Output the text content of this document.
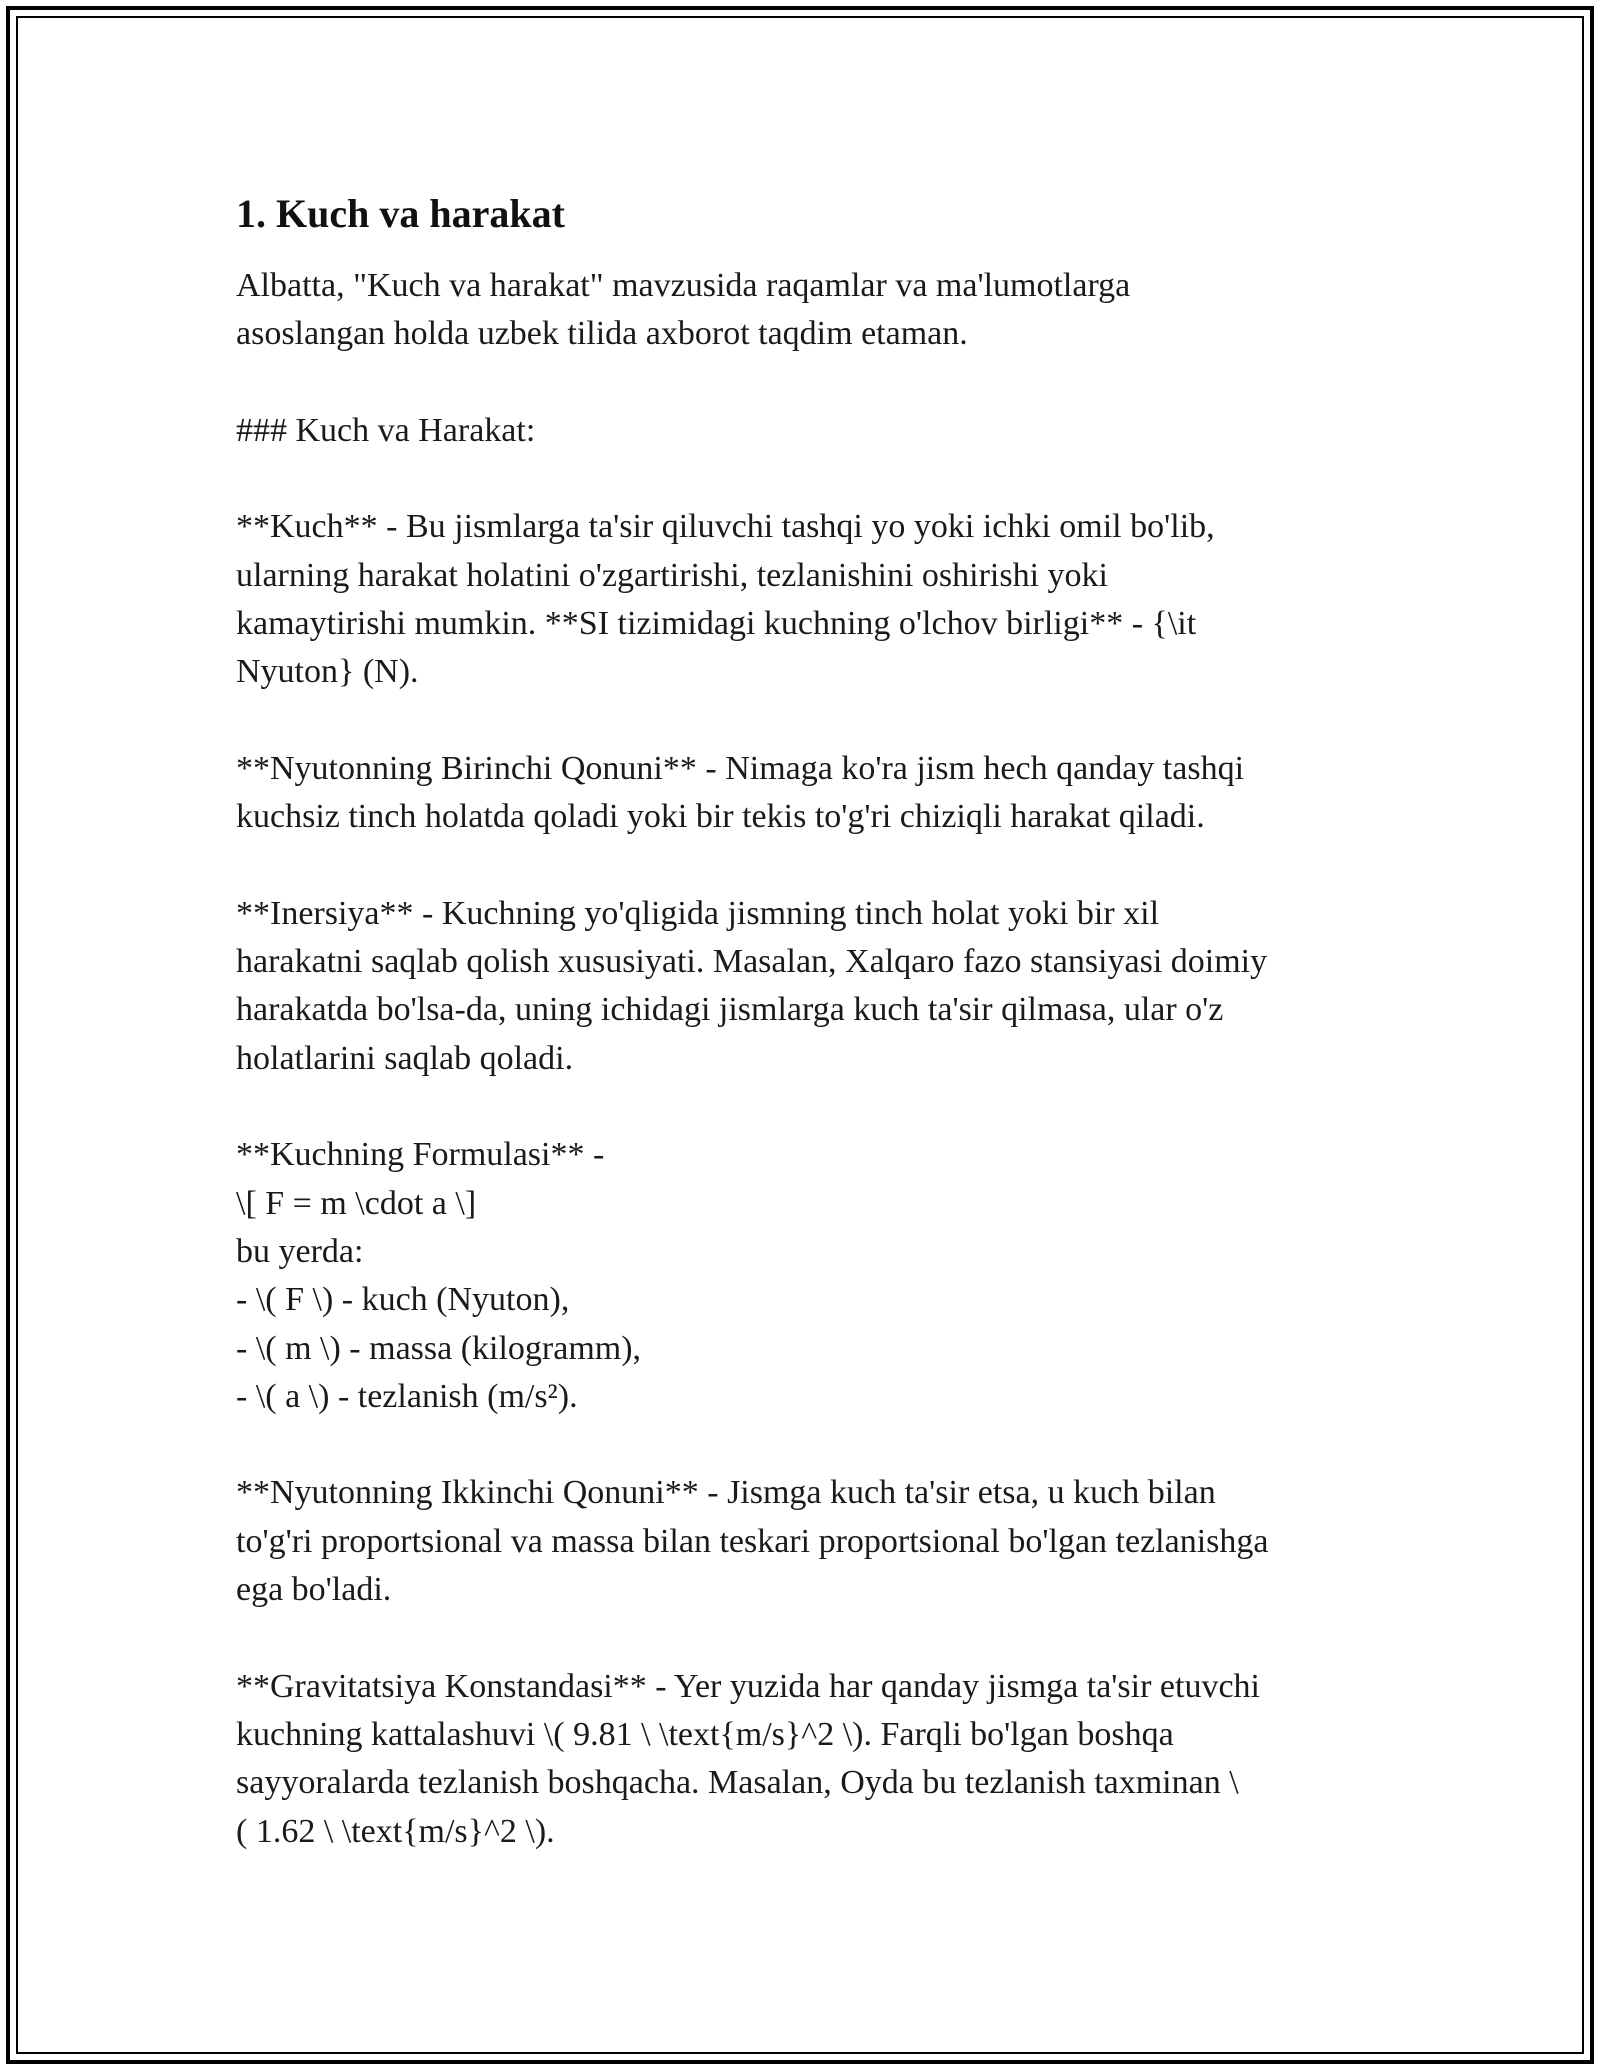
1. Kuch va harakat

Albatta, "Kuch va harakat" mavzusida raqamlar va ma'lumotlarga
asoslangan holda uzbek tilida axborot taqdim etaman.

### Kuch va Harakat:

**Kuch** - Bu jismlarga ta'sir qiluvchi tashqi yo yoki ichki omil bo'lib,
ularning harakat holatini o'zgartirishi, tezlanishini oshirishi yoki
kamaytirishi mumkin. **SI tizimidagi kuchning o'lchov birligi** - {\it
Nyuton} (N).

**Nyutonning Birinchi Qonuni** - Nimaga ko'ra jism hech qanday tashqi
kuchsiz tinch holatda qoladi yoki bir tekis to'g'ri chiziqli harakat qiladi.

**Inersiya** - Kuchning yo'qligida jismning tinch holat yoki bir xil
harakatni saqlab qolish xususiyati. Masalan, Xalqaro fazo stansiyasi doimiy
harakatda bo'lsa-da, uning ichidagi jismlarga kuch ta'sir qilmasa, ular o'z
holatlarini saqlab qoladi.

**Kuchning Formulasi** -
\[ F = m \cdot a \]
bu yerda:
- \( F \) - kuch (Nyuton),
- \( m \) - massa (kilogramm),
- \( a \) - tezlanish (m/s²).

**Nyutonning Ikkinchi Qonuni** - Jismga kuch ta'sir etsa, u kuch bilan
to'g'ri proportsional va massa bilan teskari proportsional bo'lgan tezlanishga
ega bo'ladi.

**Gravitatsiya Konstandasi** - Yer yuzida har qanday jismga ta'sir etuvchi
kuchning kattalashuvi \( 9.81 \ \text{m/s}^2 \). Farqli bo'lgan boshqa
sayyoralarda tezlanish boshqacha. Masalan, Oyda bu tezlanish taxminan \
( 1.62 \ \text{m/s}^2 \).
